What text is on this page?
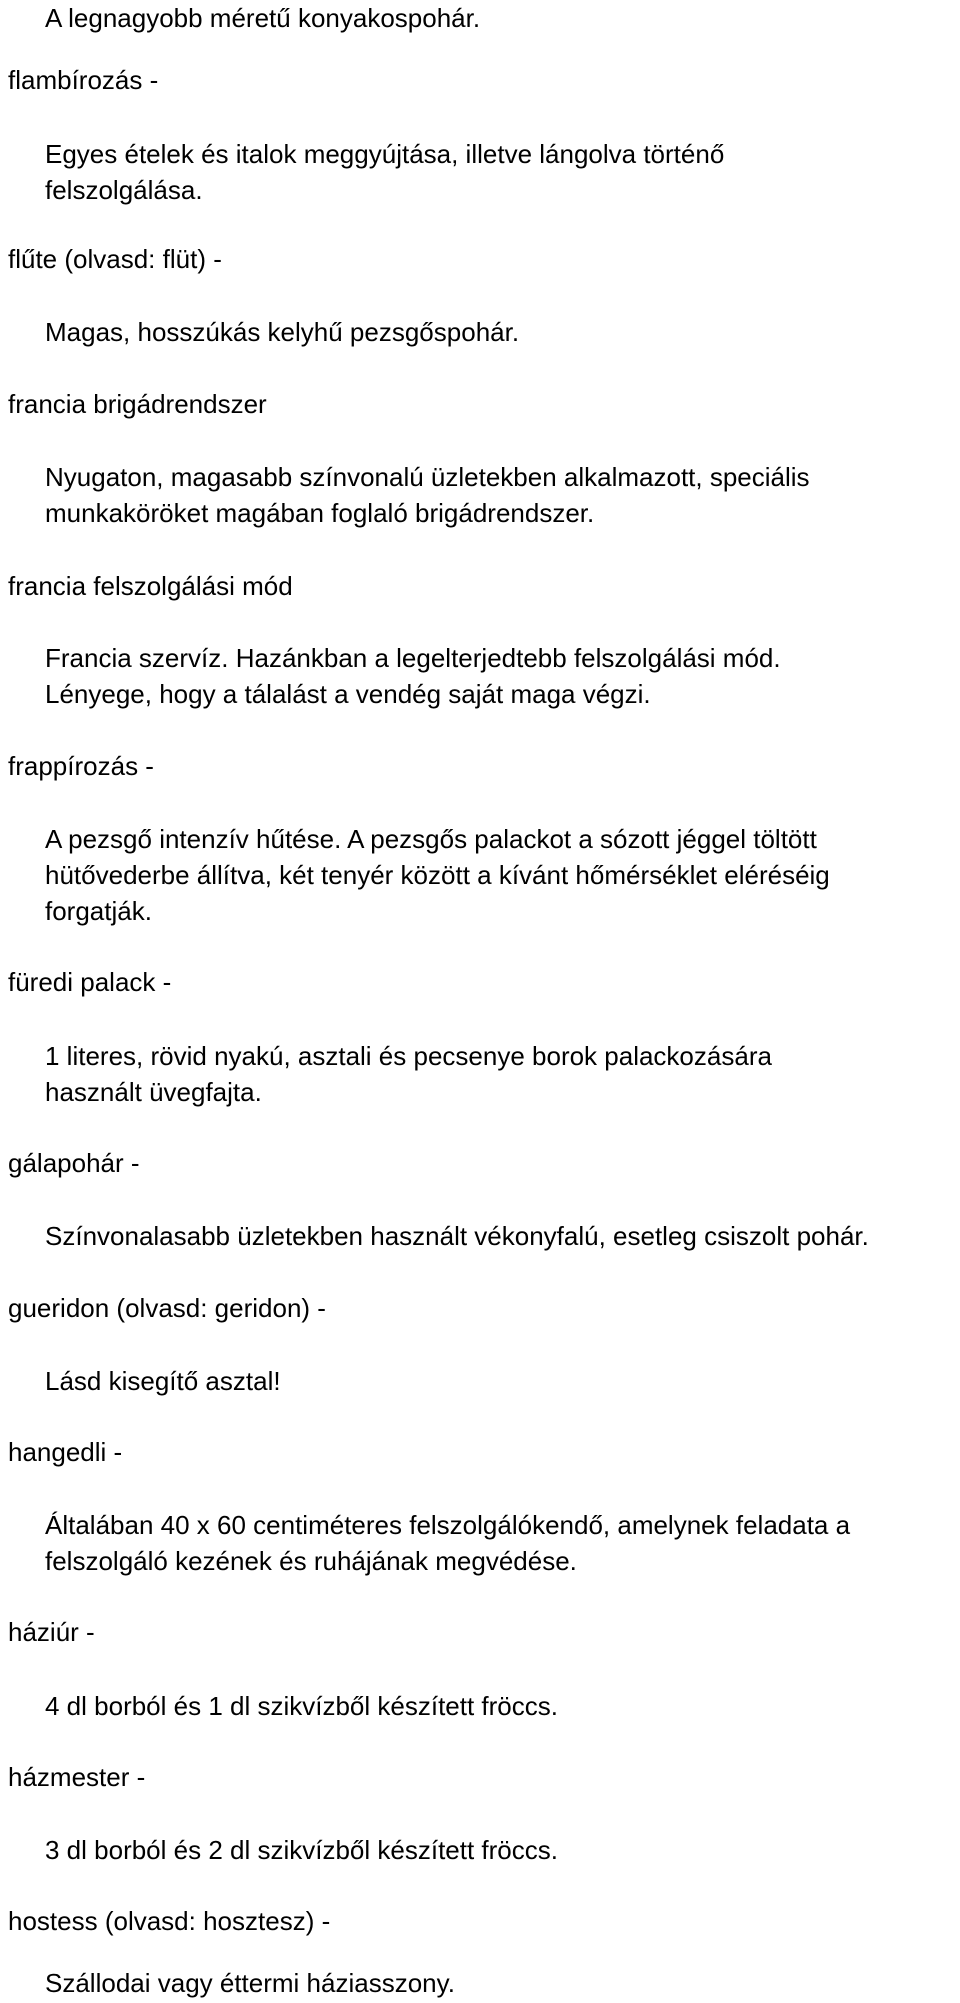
A legnagyobb méretű konyakospohár.

flambírozás -

Egyes ételek és italok meggyújtása, illetve lángolva történő

felszolgálása.

flűte (olvasd: flüt) -

Magas, hosszúkás kelyhű pezsgőspohár.

francia brigádrendszer

Nyugaton, magasabb színvonalú üzletekben alkalmazott, speciális

munkaköröket magában foglaló brigádrendszer.

francia felszolgálási mód

Francia szervíz. Hazánkban a legelterjedtebb felszolgálási mód.

Lényege, hogy a tálalást a vendég saját maga végzi.

frappírozás -

A pezsgő intenzív hűtése. A pezsgős palackot a sózott jéggel töltött

hütővederbe állítva, két tenyér között a kívánt hőmérséklet eléréséig

forgatják.

füredi palack -

1 literes, rövid nyakú, asztali és pecsenye borok palackozására

használt üvegfajta.

gálapohár -

Színvonalasabb üzletekben használt vékonyfalú, esetleg csiszolt pohár.

gueridon (olvasd: geridon) -

Lásd kisegítő asztal!

hangedli -

Általában 40 x 60 centiméteres felszolgálókendő, amelynek feladata a

felszolgáló kezének és ruhájának megvédése.

háziúr -

4 dl borból és 1 dl szikvízből készített fröccs.

házmester -

3 dl borból és 2 dl szikvízből készített fröccs.

hostess (olvasd: hosztesz) -

Szállodai vagy éttermi háziasszony.
